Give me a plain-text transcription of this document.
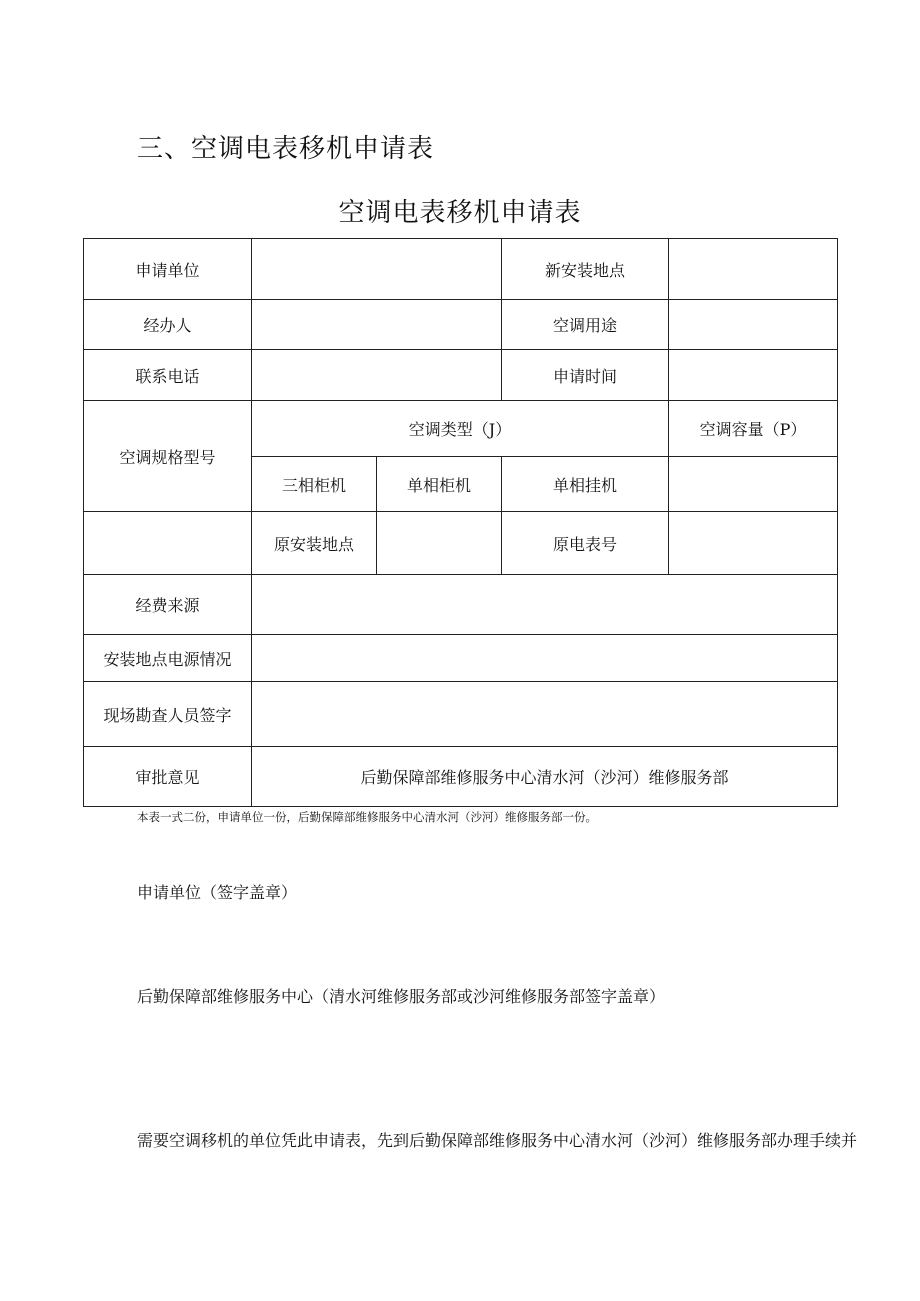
三、空调电表移机申请表
空调电表移机申请表
申请单位			新安装地点	
经办人			空调用途	
联系电话			申请时间	
空调规格型号	空调类型（J）			空调容量（P）
	三相柜机	单相柜机	单相挂机	
	原安装地点		原电表号	
经费来源				
安装地点电源情况				
现场勘查人员签字				
审批意见	后勤保障部维修服务中心清水河（沙河）维修服务部			
本表一式二份，申请单位一份，后勤保障部维修服务中心清水河（沙河）维修服务部一份。
申请单位（签字盖章）
后勤保障部维修服务中心（清水河维修服务部或沙河维修服务部签字盖章）
需要空调移机的单位凭此申请表，先到后勤保障部维修服务中心清水河（沙河）维修服务部办理手续并
